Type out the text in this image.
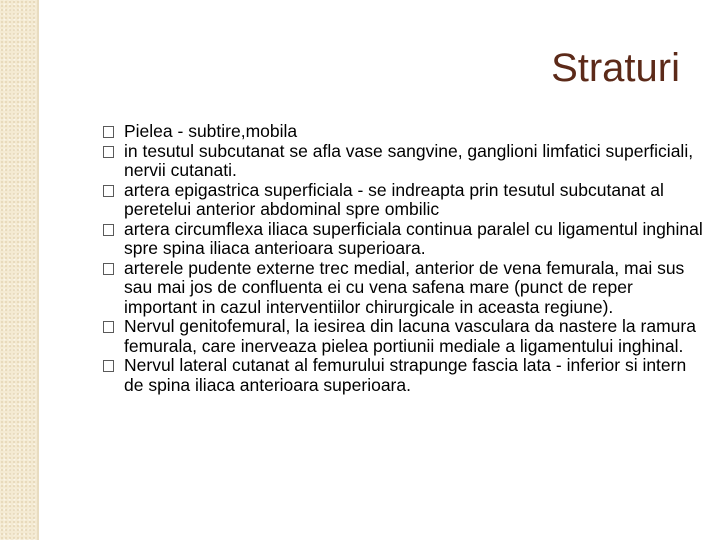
Straturi
Pielea - subtire,mobila
in tesutul subcutanat se afla vase sangvine, ganglioni limfatici superficiali, nervii cutanati.
artera epigastrica superficiala - se indreapta prin tesutul subcutanat al peretelui anterior abdominal spre ombilic
artera circumflexa iliaca superficiala continua paralel cu ligamentul inghinal spre spina iliaca anterioara superioara.
arterele pudente externe trec medial, anterior de vena femurala, mai sus sau mai jos de confluenta ei cu vena safena mare (punct de reper important in cazul interventiilor chirurgicale in aceasta regiune).
Nervul genitofemural, la iesirea din lacuna vasculara da nastere la ramura femurala, care inerveaza pielea portiunii mediale a ligamentului inghinal.
Nervul lateral cutanat al femurului strapunge fascia lata - inferior si intern de spina iliaca anterioara superioara.
